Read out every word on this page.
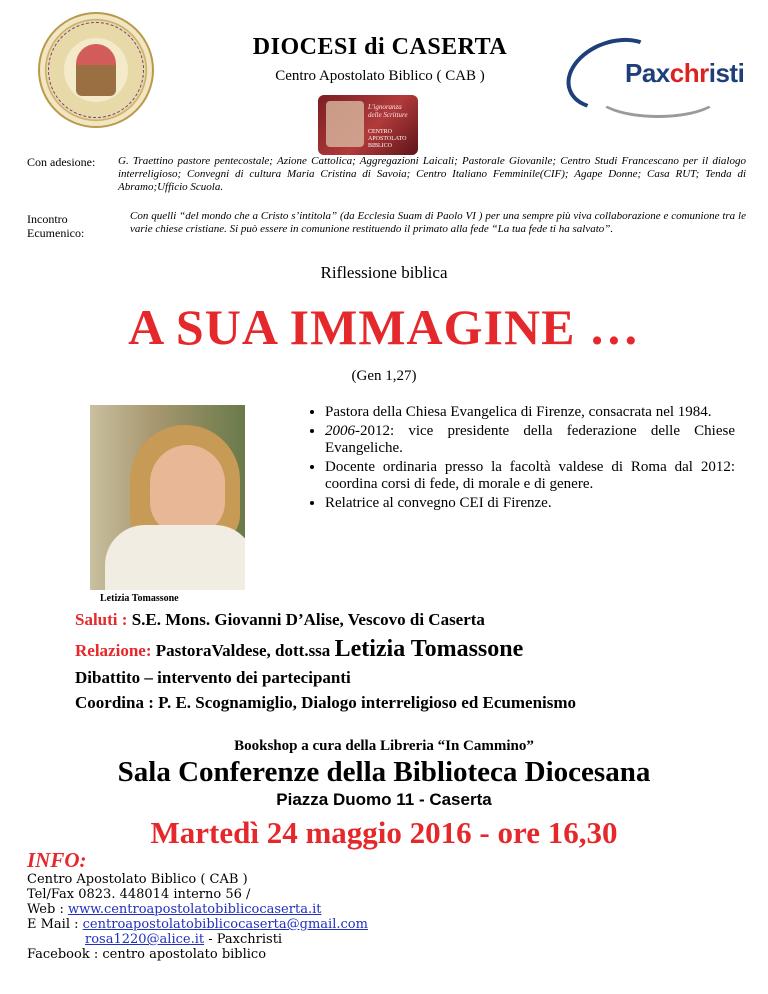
DIOCESI di CASERTA
Centro Apostolato Biblico ( CAB )
L'ignoranza delle Scritture
CENTRO APOSTOLATO BIBLICO
Paxchristi
Con adesione: G. Traettino pastore pentecostale; Azione Cattolica; Aggregazioni Laicali; Pastorale Giovanile; Centro Studi Francescano per il dialogo interreligioso; Convegni di cultura Maria Cristina di Savoia; Centro Italiano Femminile(CIF); Agape Donne; Casa RUT; Tenda di Abramo;Ufficio Scuola.
Incontro Ecumenico:
Con quelli “del mondo che a Cristo s’intitola” (da Ecclesia Suam di Paolo VI ) per una sempre più viva collaborazione e comunione tra le varie chiese cristiane. Si può essere in comunione restituendo il primato alla fede “La tua fede ti ha salvato”.
Riflessione biblica
A SUA IMMAGINE …
(Gen 1,27)
Letizia Tomassone
• Pastora della Chiesa Evangelica di Firenze, consacrata nel 1984.
• 2006-2012: vice presidente della federazione delle Chiese Evangeliche.
• Docente ordinaria presso la facoltà valdese di Roma dal 2012: coordina corsi di fede, di morale e di genere.
• Relatrice al convegno CEI di Firenze.
Saluti : S.E. Mons. Giovanni D’Alise, Vescovo di Caserta
Relazione: PastoraValdese, dott.ssa Letizia Tomassone
Dibattito – intervento dei partecipanti
Coordina : P. E. Scognamiglio, Dialogo interreligioso ed Ecumenismo
Bookshop a cura della Libreria “In Cammino”
Sala Conferenze della Biblioteca Diocesana
Piazza Duomo 11 - Caserta
Martedì 24 maggio 2016 - ore 16,30
INFO:
Centro Apostolato Biblico ( CAB )
Tel/Fax 0823. 448014 interno 56 /
Web : www.centroapostolatobiblicocaserta.it
E Mail : centroapostolatobiblicocaserta@gmail.com
rosa1220@alice.it - Paxchristi
Facebook : centro apostolato biblico
